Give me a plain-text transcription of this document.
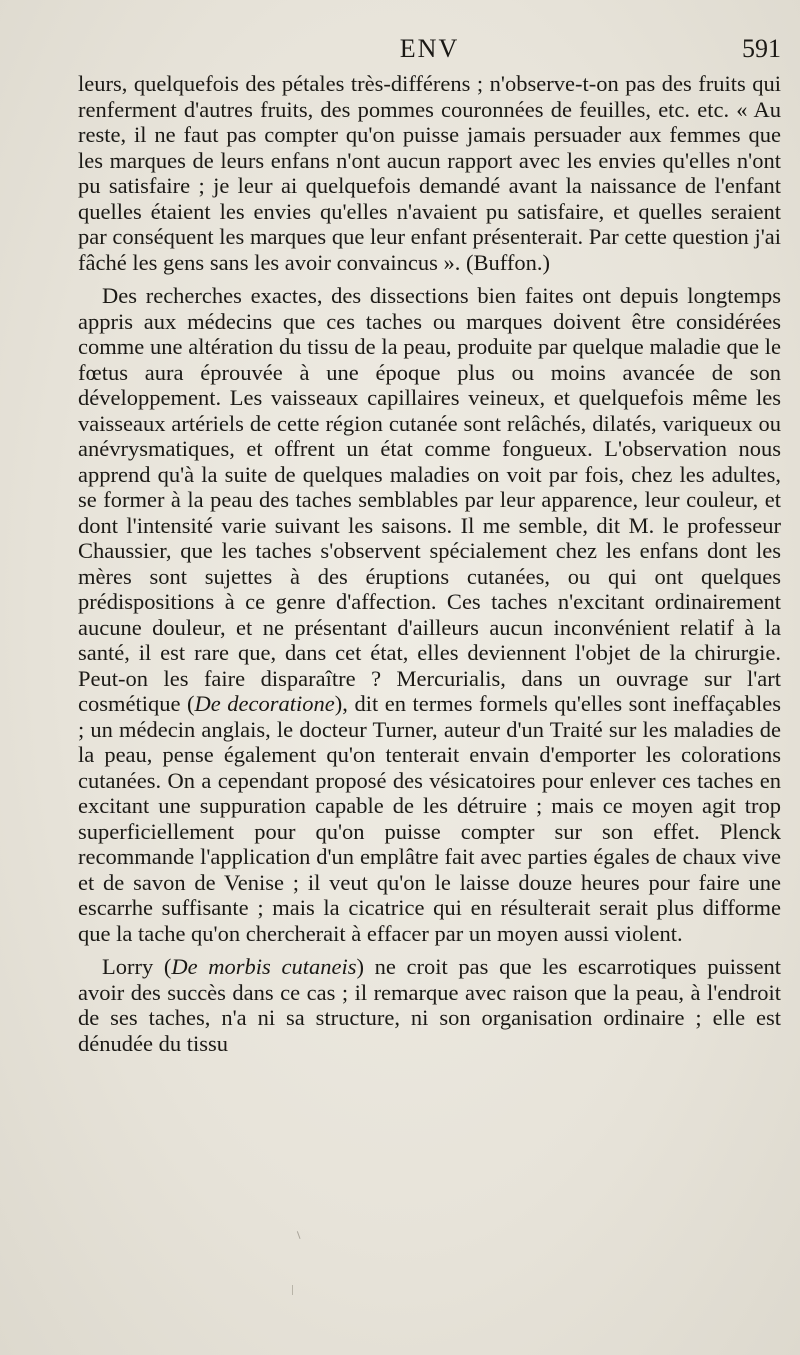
ENV	591

leurs, quelquefois des pétales très-différens ; n'observe-t-on pas des fruits qui renferment d'autres fruits, des pommes couronnées de feuilles, etc. etc. « Au reste, il ne faut pas compter qu'on puisse jamais persuader aux femmes que les marques de leurs enfans n'ont aucun rapport avec les envies qu'elles n'ont pu satisfaire ; je leur ai quelquefois demandé avant la naissance de l'enfant quelles étaient les envies qu'elles n'avaient pu satisfaire, et quelles seraient par conséquent les marques que leur enfant présenterait. Par cette question j'ai fâché les gens sans les avoir convaincus ». (Buffon.)

Des recherches exactes, des dissections bien faites ont depuis longtemps appris aux médecins que ces taches ou marques doivent être considérées comme une altération du tissu de la peau, produite par quelque maladie que le fœtus aura éprouvée à une époque plus ou moins avancée de son développement. Les vaisseaux capillaires veineux, et quelquefois même les vaisseaux artériels de cette région cutanée sont relâchés, dilatés, variqueux ou anévrysmatiques, et offrent un état comme fongueux. L'observation nous apprend qu'à la suite de quelques maladies on voit par fois, chez les adultes, se former à la peau des taches semblables par leur apparence, leur couleur, et dont l'intensité varie suivant les saisons. Il me semble, dit M. le professeur Chaussier, que les taches s'observent spécialement chez les enfans dont les mères sont sujettes à des éruptions cutanées, ou qui ont quelques prédispositions à ce genre d'affection. Ces taches n'excitant ordinairement aucune douleur, et ne présentant d'ailleurs aucun inconvénient relatif à la santé, il est rare que, dans cet état, elles deviennent l'objet de la chirurgie. Peut-on les faire disparaître ? Mercurialis, dans un ouvrage sur l'art cosmétique (De decoratione), dit en termes formels qu'elles sont ineffaçables ; un médecin anglais, le docteur Turner, auteur d'un Traité sur les maladies de la peau, pense également qu'on tenterait envain d'emporter les colorations cutanées. On a cependant proposé des vésicatoires pour enlever ces taches en excitant une suppuration capable de les détruire ; mais ce moyen agit trop superficiellement pour qu'on puisse compter sur son effet. Plenck recommande l'application d'un emplâtre fait avec parties égales de chaux vive et de savon de Venise ; il veut qu'on le laisse douze heures pour faire une escarrhe suffisante ; mais la cicatrice qui en résulterait serait plus difforme que la tache qu'on chercherait à effacer par un moyen aussi violent.

Lorry (De morbis cutaneis) ne croit pas que les escarrotiques puissent avoir des succès dans ce cas ; il remarque avec raison que la peau, à l'endroit de ses taches, n'a ni sa structure, ni son organisation ordinaire ; elle est dénudée du tissu
